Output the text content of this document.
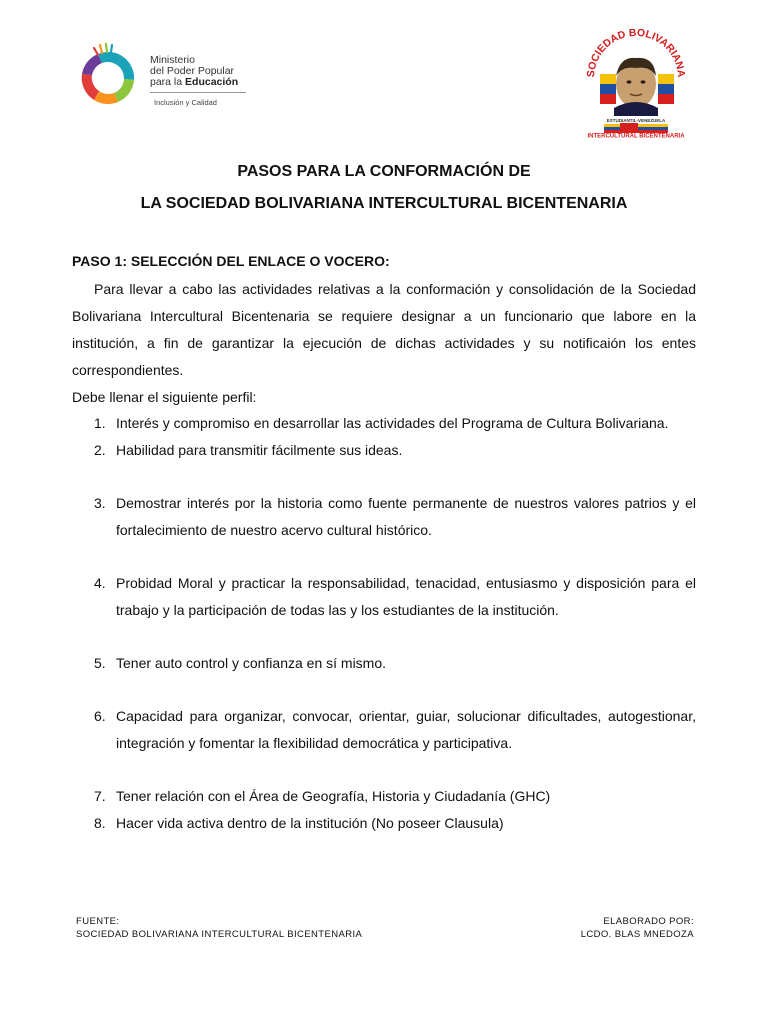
Ministerio
del Poder Popular
para la Educación
Inclusión y Calidad
SOCIEDAD BOLIVARIANA
ESTUDIANTIL-VENEZUELA
INTERCULTURAL BICENTENARIA
PASOS PARA LA CONFORMACIÓN DE
LA SOCIEDAD BOLIVARIANA INTERCULTURAL BICENTENARIA
PASO 1: SELECCIÓN DEL ENLACE O VOCERO:

Para llevar a cabo las actividades relativas a la conformación y consolidación de la Sociedad Bolivariana Intercultural Bicentenaria se requiere designar a un funcionario que labore en la institución, a fin de garantizar la ejecución de dichas actividades y su notificaión los entes correspondientes.

Debe llenar el siguiente perfil:

1. Interés y compromiso en desarrollar las actividades del Programa de Cultura Bolivariana.
2. Habilidad para transmitir fácilmente sus ideas.
3. Demostrar interés por la historia como fuente permanente de nuestros valores patrios y el fortalecimiento de nuestro acervo cultural histórico.
4. Probidad Moral y practicar la responsabilidad, tenacidad, entusiasmo y disposición para el trabajo y la participación de todas las y los estudiantes de la institución.
5. Tener auto control y confianza en sí mismo.
6. Capacidad para organizar, convocar, orientar, guiar, solucionar dificultades, autogestionar, integración y fomentar la flexibilidad democrática y participativa.
7. Tener relación con el Área de Geografía, Historia y Ciudadanía (GHC)
8. Hacer vida activa dentro de la institución (No poseer Clausula)
FUENTE:
SOCIEDAD BOLIVARIANA INTERCULTURAL BICENTENARIA
ELABORADO POR:
LCDO. BLAS MNEDOZA
